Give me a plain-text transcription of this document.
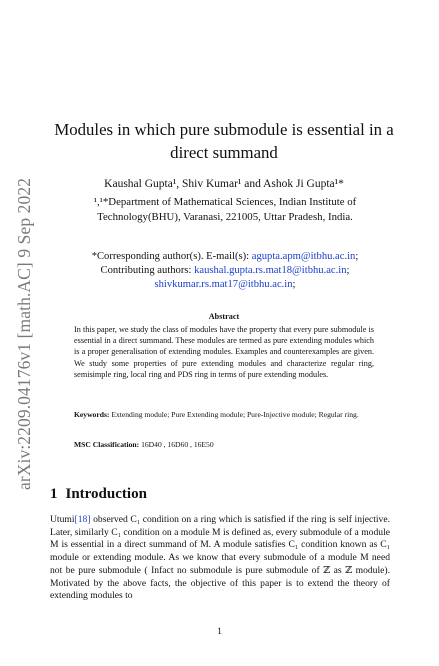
arXiv:2209.04176v1 [math.AC] 9 Sep 2022
Modules in which pure submodule is essential in a direct summand
Kaushal Gupta¹, Shiv Kumar¹ and Ashok Ji Gupta¹*
¹,¹*Department of Mathematical Sciences, Indian Institute of Technology(BHU), Varanasi, 221005, Uttar Pradesh, India.
*Corresponding author(s). E-mail(s): agupta.apm@itbhu.ac.in;
Contributing authors: kaushal.gupta.rs.mat18@itbhu.ac.in;
shivkumar.rs.mat17@itbhu.ac.in;
Abstract
In this paper, we study the class of modules have the property that every pure submodule is essential in a direct summand. These modules are termed as pure extending modules which is a proper generalisation of extending modules. Examples and counterexamples are given. We study some properties of pure extending modules and characterize regular ring, semisimple ring, local ring and PDS ring in terms of pure extending modules.
Keywords: Extending module; Pure Extending module; Pure-Injective module; Regular ring.
MSC Classification: 16D40 , 16D60 , 16E50
1 Introduction
Utumi[18] observed C₁ condition on a ring which is satisfied if the ring is self injective. Later, similarly C₁ condition on a module M is defined as, every submodule of a module M is essential in a direct summand of M. A module satisfies C₁ condition known as C₁ module or extending module. As we know that every submodule of a module M need not be pure submodule ( Infact no submodule is pure submodule of ℤ as ℤ module). Motivated by the above facts, the objective of this paper is to extend the theory of extending modules to
1
